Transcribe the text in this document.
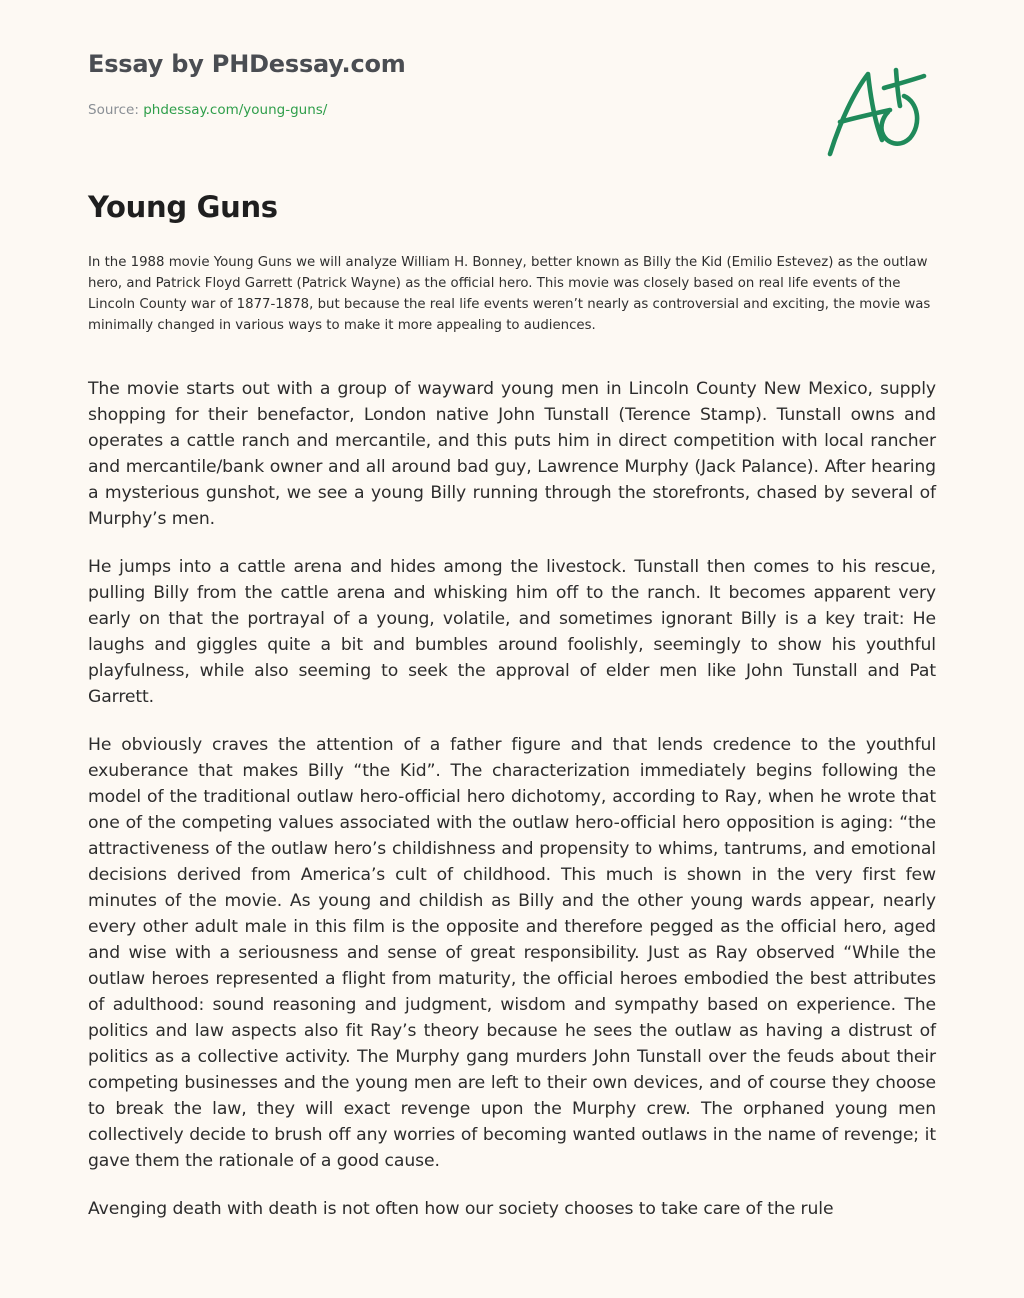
Essay by PHDessay.com
Source: phdessay.com/young-guns/
Young Guns

In the 1988 movie Young Guns we will analyze William H. Bonney, better known as Billy the Kid (Emilio Estevez) as the outlaw hero, and Patrick Floyd Garrett (Patrick Wayne) as the official hero. This movie was closely based on real life events of the Lincoln County war of 1877-1878, but because the real life events weren’t nearly as controversial and exciting, the movie was minimally changed in various ways to make it more appealing to audiences.

The movie starts out with a group of wayward young men in Lincoln County New Mexico, supply shopping for their benefactor, London native John Tunstall (Terence Stamp). Tunstall owns and operates a cattle ranch and mercantile, and this puts him in direct competition with local rancher and mercantile/bank owner and all around bad guy, Lawrence Murphy (Jack Palance). After hearing a mysterious gunshot, we see a young Billy running through the storefronts, chased by several of Murphy’s men.

He jumps into a cattle arena and hides among the livestock. Tunstall then comes to his rescue, pulling Billy from the cattle arena and whisking him off to the ranch. It becomes apparent very early on that the portrayal of a young, volatile, and sometimes ignorant Billy is a key trait: He laughs and giggles quite a bit and bumbles around foolishly, seemingly to show his youthful playfulness, while also seeming to seek the approval of elder men like John Tunstall and Pat Garrett.

He obviously craves the attention of a father figure and that lends credence to the youthful exuberance that makes Billy “the Kid”. The characterization immediately begins following the model of the traditional outlaw hero-official hero dichotomy, according to Ray, when he wrote that one of the competing values associated with the outlaw hero-official hero opposition is aging: “the attractiveness of the outlaw hero’s childishness and propensity to whims, tantrums, and emotional decisions derived from America’s cult of childhood. This much is shown in the very first few minutes of the movie. As young and childish as Billy and the other young wards appear, nearly every other adult male in this film is the opposite and therefore pegged as the official hero, aged and wise with a seriousness and sense of great responsibility. Just as Ray observed “While the outlaw heroes represented a flight from maturity, the official heroes embodied the best attributes of adulthood: sound reasoning and judgment, wisdom and sympathy based on experience. The politics and law aspects also fit Ray’s theory because he sees the outlaw as having a distrust of politics as a collective activity. The Murphy gang murders John Tunstall over the feuds about their competing businesses and the young men are left to their own devices, and of course they choose to break the law, they will exact revenge upon the Murphy crew. The orphaned young men collectively decide to brush off any worries of becoming wanted outlaws in the name of revenge; it gave them the rationale of a good cause.

Avenging death with death is not often how our society chooses to take care of the rule
